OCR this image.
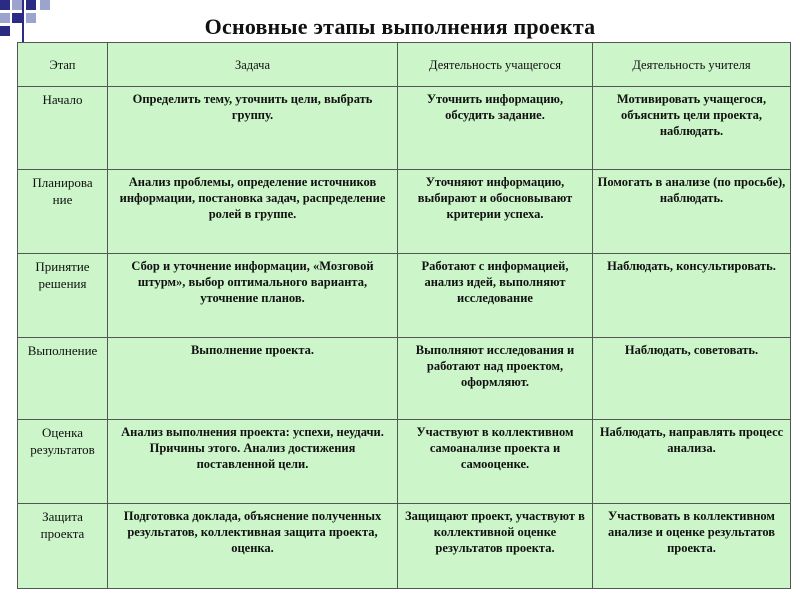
Основные этапы выполнения проекта
Этап	Задача	Деятельность учащегося	Деятельность учителя
Начало	Определить тему, уточнить цели, выбрать группу.	Уточнить информацию, обсудить задание.	Мотивировать учащегося, объяснить цели проекта, наблюдать.
Планирова ние	Анализ проблемы, определение источников информации, постановка задач, распределение ролей в группе.	Уточняют информацию, выбирают и обосновывают критерии успеха.	Помогать в анализе (по просьбе), наблюдать.
Принятие решения	Сбор и уточнение информации, «Мозговой штурм», выбор оптимального варианта, уточнение планов.	Работают с информацией, анализ идей, выполняют исследование	Наблюдать, консультировать.
Выполнение	Выполнение проекта.	Выполняют исследования и работают над проектом, оформляют.	Наблюдать, советовать.
Оценка результатов	Анализ выполнения проекта: успехи, неудачи. Причины этого. Анализ достижения поставленной цели.	Участвуют в коллективном самоанализе проекта и самооценке.	Наблюдать, направлять процесс анализа.
Защита проекта	Подготовка доклада, объяснение полученных результатов, коллективная защита проекта, оценка.	Защищают проект, участвуют в коллективной оценке результатов проекта.	Участвовать в коллективном анализе и оценке результатов проекта.
